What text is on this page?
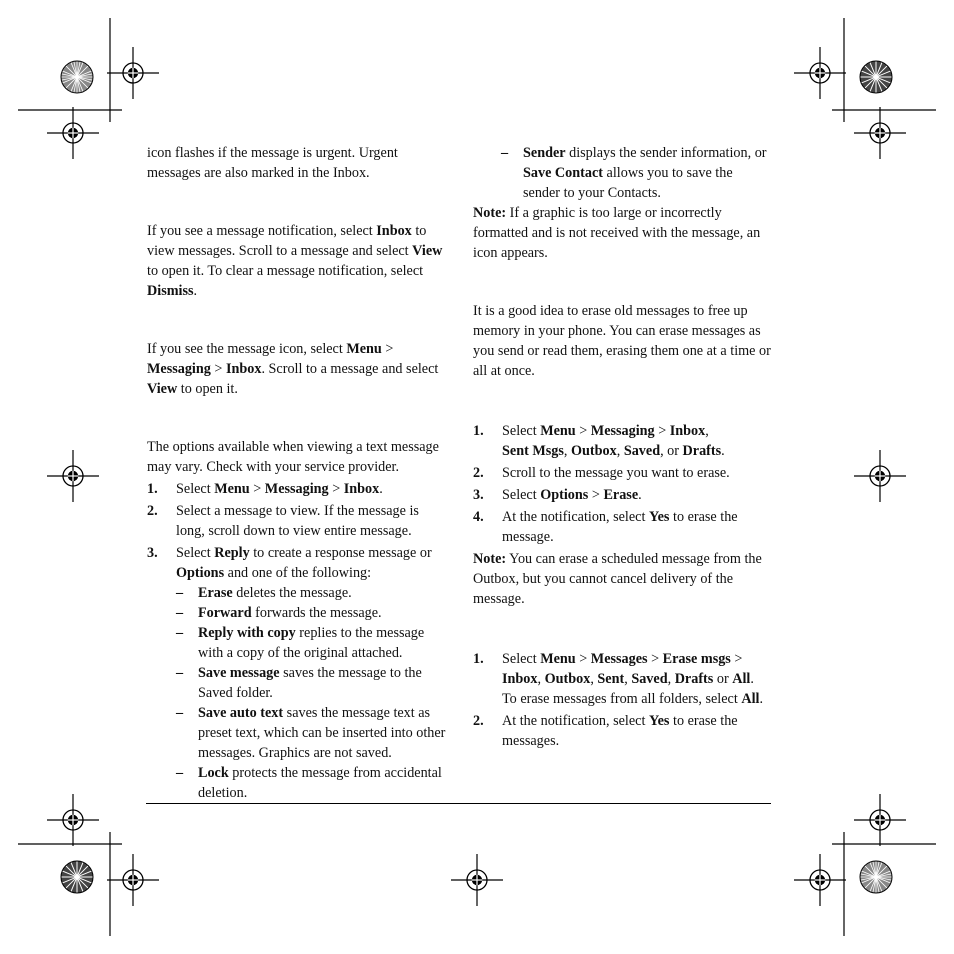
icon flashes if the message is urgent. Urgent messages are also marked in the Inbox.

If you see a message notification, select Inbox to view messages. Scroll to a message and select View to open it. To clear a message notification, select Dismiss.

If you see the message icon, select Menu > Messaging > Inbox. Scroll to a message and select View to open it.

The options available when viewing a text message may vary. Check with your service provider.

1. Select Menu > Messaging > Inbox.
2. Select a message to view. If the message is long, scroll down to view entire message.
3. Select Reply to create a response message or Options and one of the following:
– Erase deletes the message.
– Forward forwards the message.
– Reply with copy replies to the message with a copy of the original attached.
– Save message saves the message to the Saved folder.
– Save auto text saves the message text as preset text, which can be inserted into other messages. Graphics are not saved.
– Lock protects the message from accidental deletion.
– Sender displays the sender information, or Save Contact allows you to save the sender to your Contacts.

Note: If a graphic is too large or incorrectly formatted and is not received with the message, an icon appears.

It is a good idea to erase old messages to free up memory in your phone. You can erase messages as you send or read them, erasing them one at a time or all at once.

1. Select Menu > Messaging > Inbox,
Sent Msgs, Outbox, Saved, or Drafts.
2. Scroll to the message you want to erase.
3. Select Options > Erase.
4. At the notification, select Yes to erase the message.

Note: You can erase a scheduled message from the Outbox, but you cannot cancel delivery of the message.

1. Select Menu > Messages > Erase msgs >
Inbox, Outbox, Sent, Saved, Drafts or All.
To erase messages from all folders, select All.
2. At the notification, select Yes to erase the messages.
